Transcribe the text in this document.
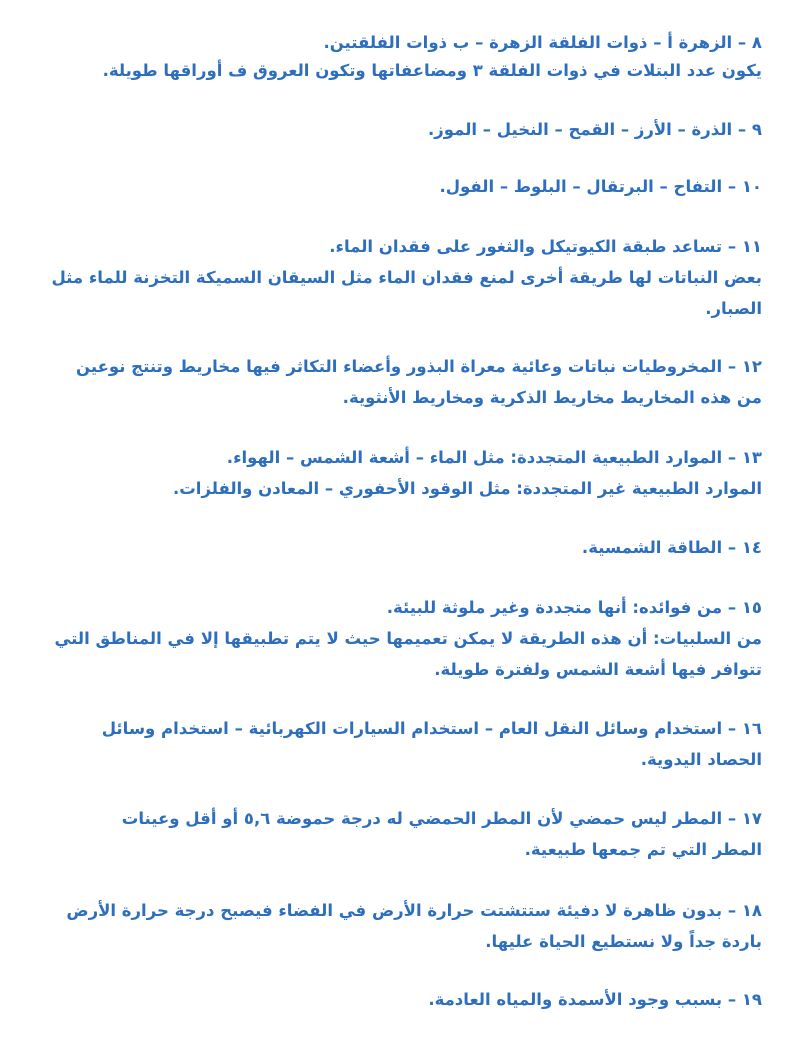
٨ – الزهرة أ – ذوات الفلقة الزهرة – ب ذوات الفلقتين.
يكون عدد البتلات في ذوات الفلقة ٣ ومضاعفاتها وتكون العروق ف أوراقها طويلة.
٩ – الذرة – الأرز – القمح – النخيل – الموز.
١٠ – التفاح – البرتقال – البلوط – الفول.
١١ – تساعد طبقة الكيوتيكل والثغور على فقدان الماء.
بعض النباتات لها طريقة أخرى لمنع فقدان الماء مثل السيقان السميكة التخزنة للماء مثل
الصبار.
١٢ – المخروطيات نباتات وعائية معراة البذور وأعضاء التكاثر فيها مخاريط وتنتج نوعين
من هذه المخاريط مخاريط الذكرية ومخاريط الأنثوية.
١٣ – الموارد الطبيعية المتجددة: مثل الماء – أشعة الشمس – الهواء.
الموارد الطبيعية غير المتجددة: مثل الوقود الأحفوري – المعادن والفلزات.
١٤ – الطاقة الشمسية.
١٥ – من فوائده: أنها متجددة وغير ملوثة للبيئة.
من السلبيات: أن هذه الطريقة لا يمكن تعميمها حيث لا يتم تطبيقها إلا في المناطق التي
تتوافر فيها أشعة الشمس ولفترة طويلة.
١٦ – استخدام وسائل النقل العام – استخدام السيارات الكهربائية – استخدام وسائل
الحصاد اليدوية.
١٧ – المطر ليس حمضي لأن المطر الحمضي له درجة حموضة ٥,٦ أو أقل وعينات
المطر التي تم جمعها طبيعية.
١٨ – بدون ظاهرة لا دفيئة ستتشتت حرارة الأرض في الفضاء فيصبح درجة حرارة الأرض
باردة جداً ولا نستطيع الحياة عليها.
١٩ – بسبب وجود الأسمدة والمياه العادمة.
